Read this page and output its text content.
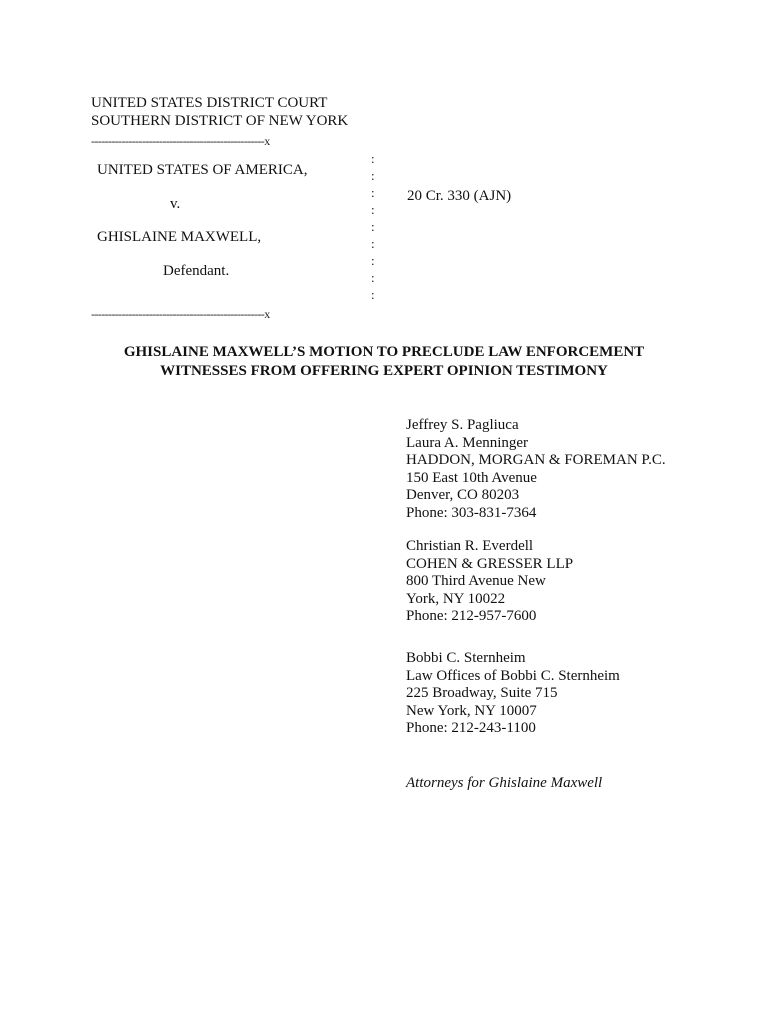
UNITED STATES DISTRICT COURT
SOUTHERN DISTRICT OF NEW YORK
---------------------------------------------------x
---------------------------------------------------x
:
:
:
:
:
:
:
:
:
UNITED STATES OF AMERICA,
v.
GHISLAINE MAXWELL,
Defendant.
20 Cr. 330 (AJN)
GHISLAINE MAXWELL’S MOTION TO PRECLUDE LAW ENFORCEMENT
WITNESSES FROM OFFERING EXPERT OPINION TESTIMONY
Jeffrey S. Pagliuca
Laura A. Menninger
HADDON, MORGAN & FOREMAN P.C.
150 East 10th Avenue
Denver, CO 80203
Phone: 303-831-7364
Christian R. Everdell
COHEN & GRESSER LLP
800 Third Avenue New
York, NY 10022
Phone: 212-957-7600
Bobbi C. Sternheim
Law Offices of Bobbi C. Sternheim
225 Broadway, Suite 715
New York, NY 10007
Phone: 212-243-1100
Attorneys for Ghislaine Maxwell
